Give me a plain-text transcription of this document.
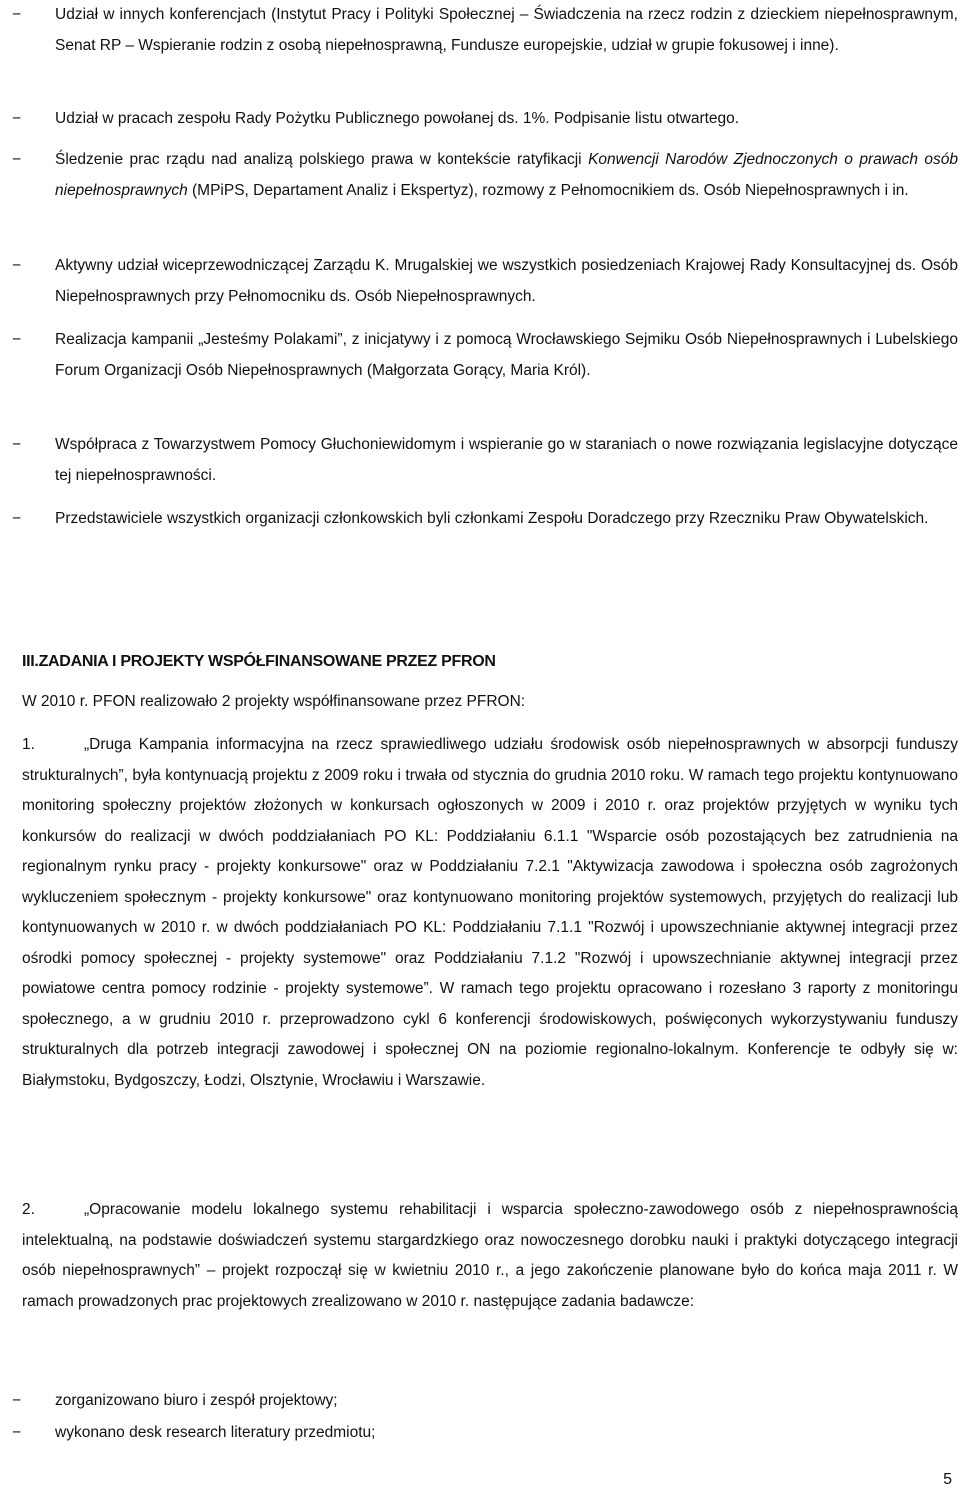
− Udział w innych konferencjach (Instytut Pracy i Polityki Społecznej – Świadczenia na rzecz rodzin z dzieckiem niepełnosprawnym, Senat RP – Wspieranie rodzin z osobą niepełnosprawną, Fundusze europejskie, udział w grupie fokusowej i inne).

− Udział w pracach zespołu Rady Pożytku Publicznego powołanej ds. 1%. Podpisanie listu otwartego.

− Śledzenie prac rządu nad analizą polskiego prawa w kontekście ratyfikacji Konwencji Narodów Zjednoczonych o prawach osób niepełnosprawnych (MPiPS, Departament Analiz i Ekspertyz), rozmowy z Pełnomocnikiem ds. Osób Niepełnosprawnych i in.

− Aktywny udział wiceprzewodniczącej Zarządu K. Mrugalskiej we wszystkich posiedzeniach Krajowej Rady Konsultacyjnej ds. Osób Niepełnosprawnych przy Pełnomocniku ds. Osób Niepełnosprawnych.

− Realizacja kampanii „Jesteśmy Polakami”, z inicjatywy i z pomocą Wrocławskiego Sejmiku Osób Niepełnosprawnych i Lubelskiego Forum Organizacji Osób Niepełnosprawnych (Małgorzata Gorący, Maria Król).

− Współpraca z Towarzystwem Pomocy Głuchoniewidomym i wspieranie go w staraniach o nowe rozwiązania legislacyjne dotyczące tej niepełnosprawności.

− Przedstawiciele wszystkich organizacji członkowskich byli członkami Zespołu Doradczego przy Rzeczniku Praw Obywatelskich.

III.ZADANIA I PROJEKTY WSPÓŁFINANSOWANE PRZEZ PFRON

W 2010 r. PFON realizowało 2 projekty współfinansowane przez PFRON:

1.	„Druga Kampania informacyjna na rzecz sprawiedliwego udziału środowisk osób niepełnosprawnych w absorpcji funduszy strukturalnych”, była kontynuacją projektu z 2009 roku i trwała od stycznia do grudnia 2010 roku. W ramach tego projektu kontynuowano monitoring społeczny projektów złożonych w konkursach ogłoszonych w 2009 i 2010 r. oraz projektów przyjętych w wyniku tych konkursów do realizacji w dwóch poddziałaniach PO KL: Poddziałaniu 6.1.1 "Wsparcie osób pozostających bez zatrudnienia na regionalnym rynku pracy - projekty konkursowe" oraz w Poddziałaniu 7.2.1 "Aktywizacja zawodowa i społeczna osób zagrożonych wykluczeniem społecznym - projekty konkursowe" oraz kontynuowano monitoring projektów systemowych, przyjętych do realizacji lub kontynuowanych w 2010 r. w dwóch poddziałaniach PO KL: Poddziałaniu 7.1.1 "Rozwój i upowszechnianie aktywnej integracji przez ośrodki pomocy społecznej - projekty systemowe" oraz Poddziałaniu 7.1.2 "Rozwój i upowszechnianie aktywnej integracji przez powiatowe centra pomocy rodzinie - projekty systemowe”. W ramach tego projektu opracowano i rozesłano 3 raporty z monitoringu społecznego, a w grudniu 2010 r. przeprowadzono cykl 6 konferencji środowiskowych, poświęconych wykorzystywaniu funduszy strukturalnych dla potrzeb integracji zawodowej i społecznej ON na poziomie regionalno-lokalnym. Konferencje te odbyły się w: Białymstoku, Bydgoszczy, Łodzi, Olsztynie, Wrocławiu i Warszawie.

2.	„Opracowanie modelu lokalnego systemu rehabilitacji i wsparcia społeczno-zawodowego osób z niepełnosprawnością intelektualną, na podstawie doświadczeń systemu stargardzkiego oraz nowoczesnego dorobku nauki i praktyki dotyczącego integracji osób niepełnosprawnych” – projekt rozpoczął się w kwietniu 2010 r., a jego zakończenie planowane było do końca maja 2011 r. W ramach prowadzonych prac projektowych zrealizowano w 2010 r. następujące zadania badawcze:

− zorganizowano biuro i zespół projektowy;

− wykonano desk research literatury przedmiotu;

5
